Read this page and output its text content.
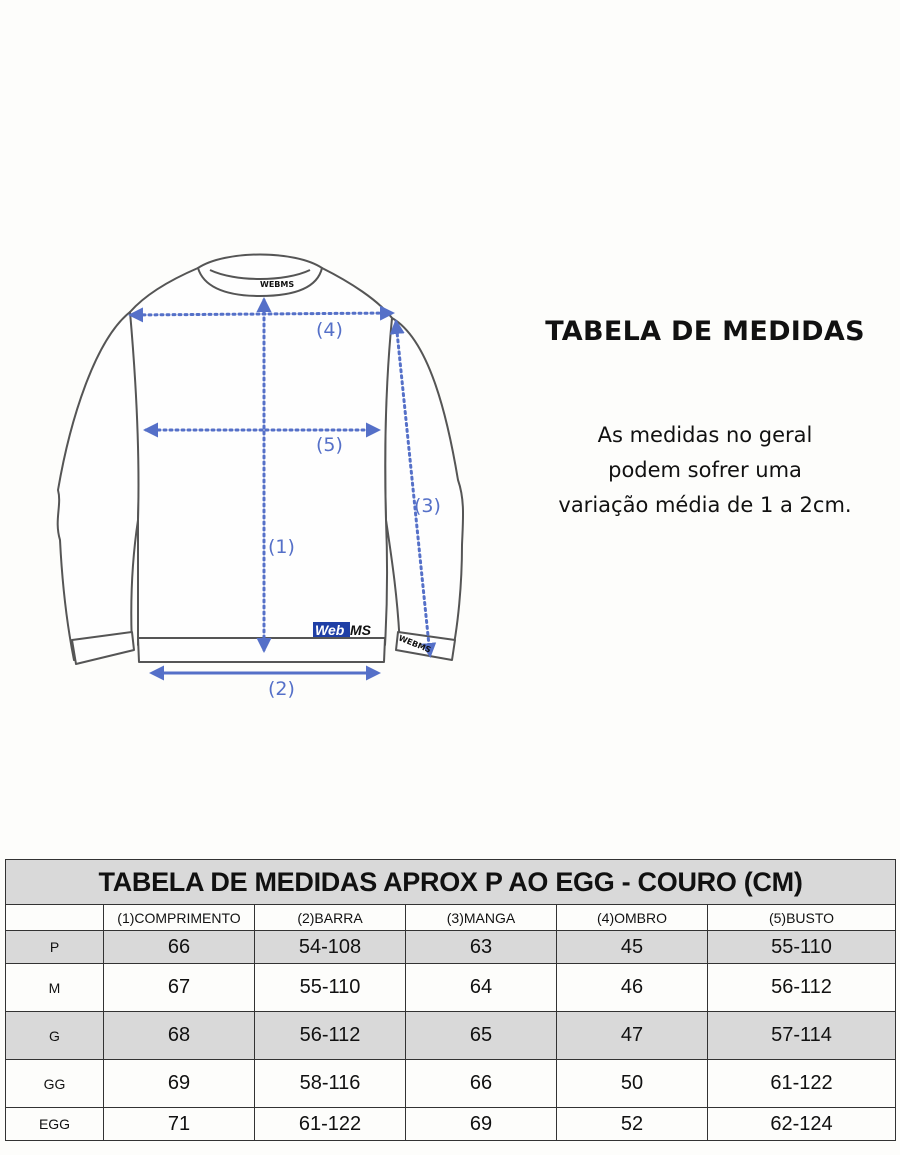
(4)
(5)
(1)
(3)
(2)
WEBMS
WEBMS
Web MS
TABELA DE MEDIDAS
As medidas no geral
podem sofrer uma
variação média de 1 a 2cm.
TABELA DE MEDIDAS APROX P AO EGG - COURO (CM)					
	(1)COMPRIMENTO	(2)BARRA	(3)MANGA	(4)OMBRO	(5)BUSTO
P	66	54-108	63	45	55-110
M	67	55-110	64	46	56-112
G	68	56-112	65	47	57-114
GG	69	58-116	66	50	61-122
EGG	71	61-122	69	52	62-124
